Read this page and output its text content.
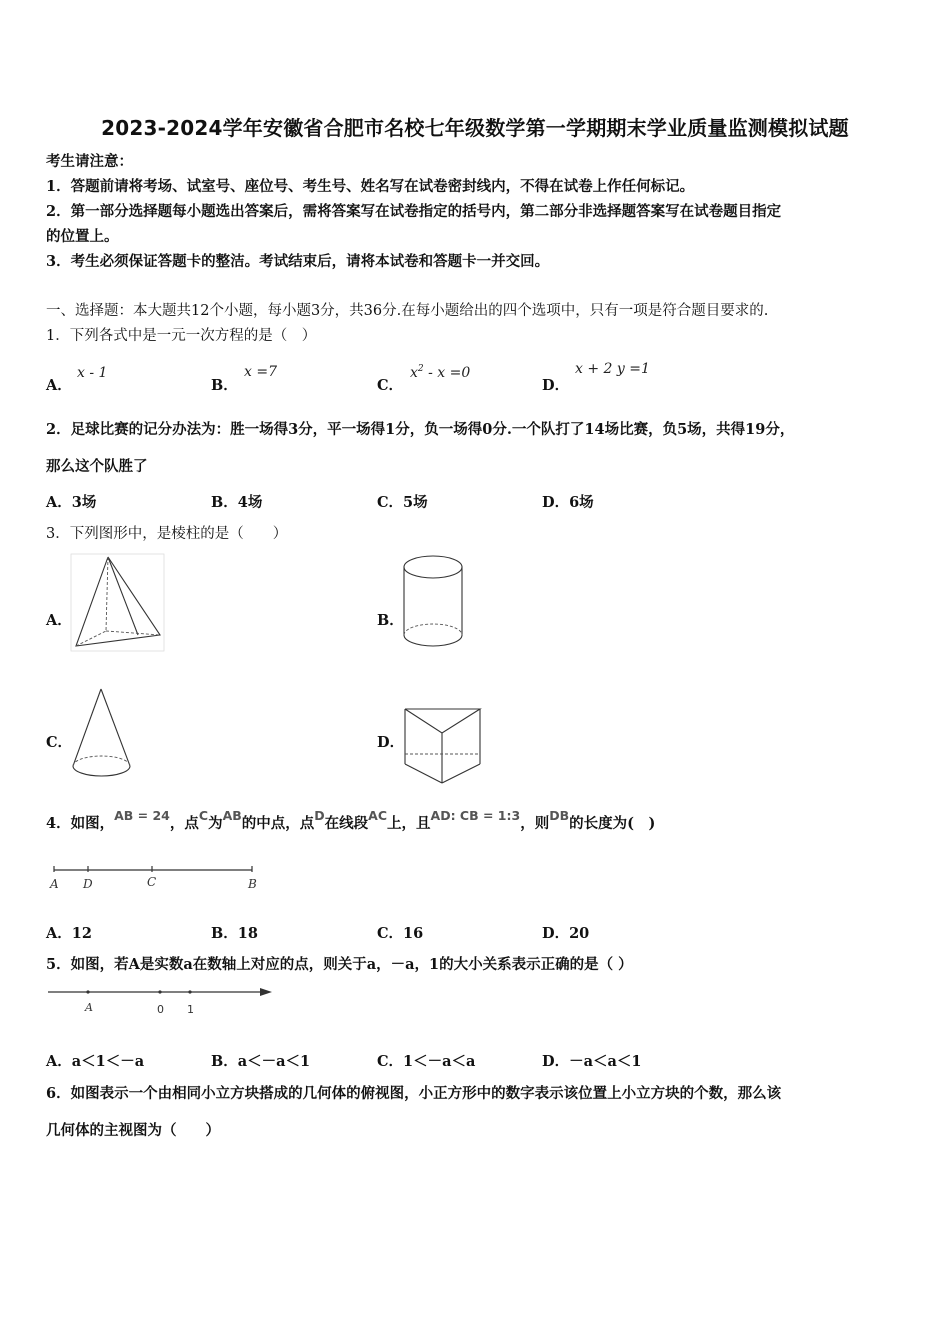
2023-2024学年安徽省合肥市名校七年级数学第一学期期末学业质量监测模拟试题
考生请注意：
1．答题前请将考场、试室号、座位号、考生号、姓名写在试卷密封线内，不得在试卷上作任何标记。
2．第一部分选择题每小题选出答案后，需将答案写在试卷指定的括号内，第二部分非选择题答案写在试卷题目指定
的位置上。
3．考生必须保证答题卡的整洁。考试结束后，请将本试卷和答题卡一并交回。
一、选择题：本大题共12个小题，每小题3分，共36分.在每小题给出的四个选项中，只有一项是符合题目要求的.
1．下列各式中是一元一次方程的是（　）
A．
x - 1
B．
x =7
C．
$x^2 - x =0$
D．
x + 2 y =1
2．足球比赛的记分办法为：胜一场得3分，平一场得1分，负一场得0分.一个队打了14场比赛，负5场，共得19分，
那么这个队胜了
A．3场	B．4场	C．5场	D．6场
3．下列图形中，是棱柱的是（　　）
A．	B．
C．	D．
4．如图，AB = 24，点C为AB的中点，点D在线段AC上，且AD: CB = 1:3，则DB的长度为(　)
A D	C	B
A．12	B．18	C．16	D．20
5．如图，若A是实数a在数轴上对应的点，则关于a，－a，1的大小关系表示正确的是（ ）
A	0 1
A．a＜1＜－a	B．a＜－a＜1	C．1＜－a＜a	D．－a＜a＜1
6．如图表示一个由相同小立方块搭成的几何体的俯视图，小正方形中的数字表示该位置上小立方块的个数，那么该
几何体的主视图为（　　）
